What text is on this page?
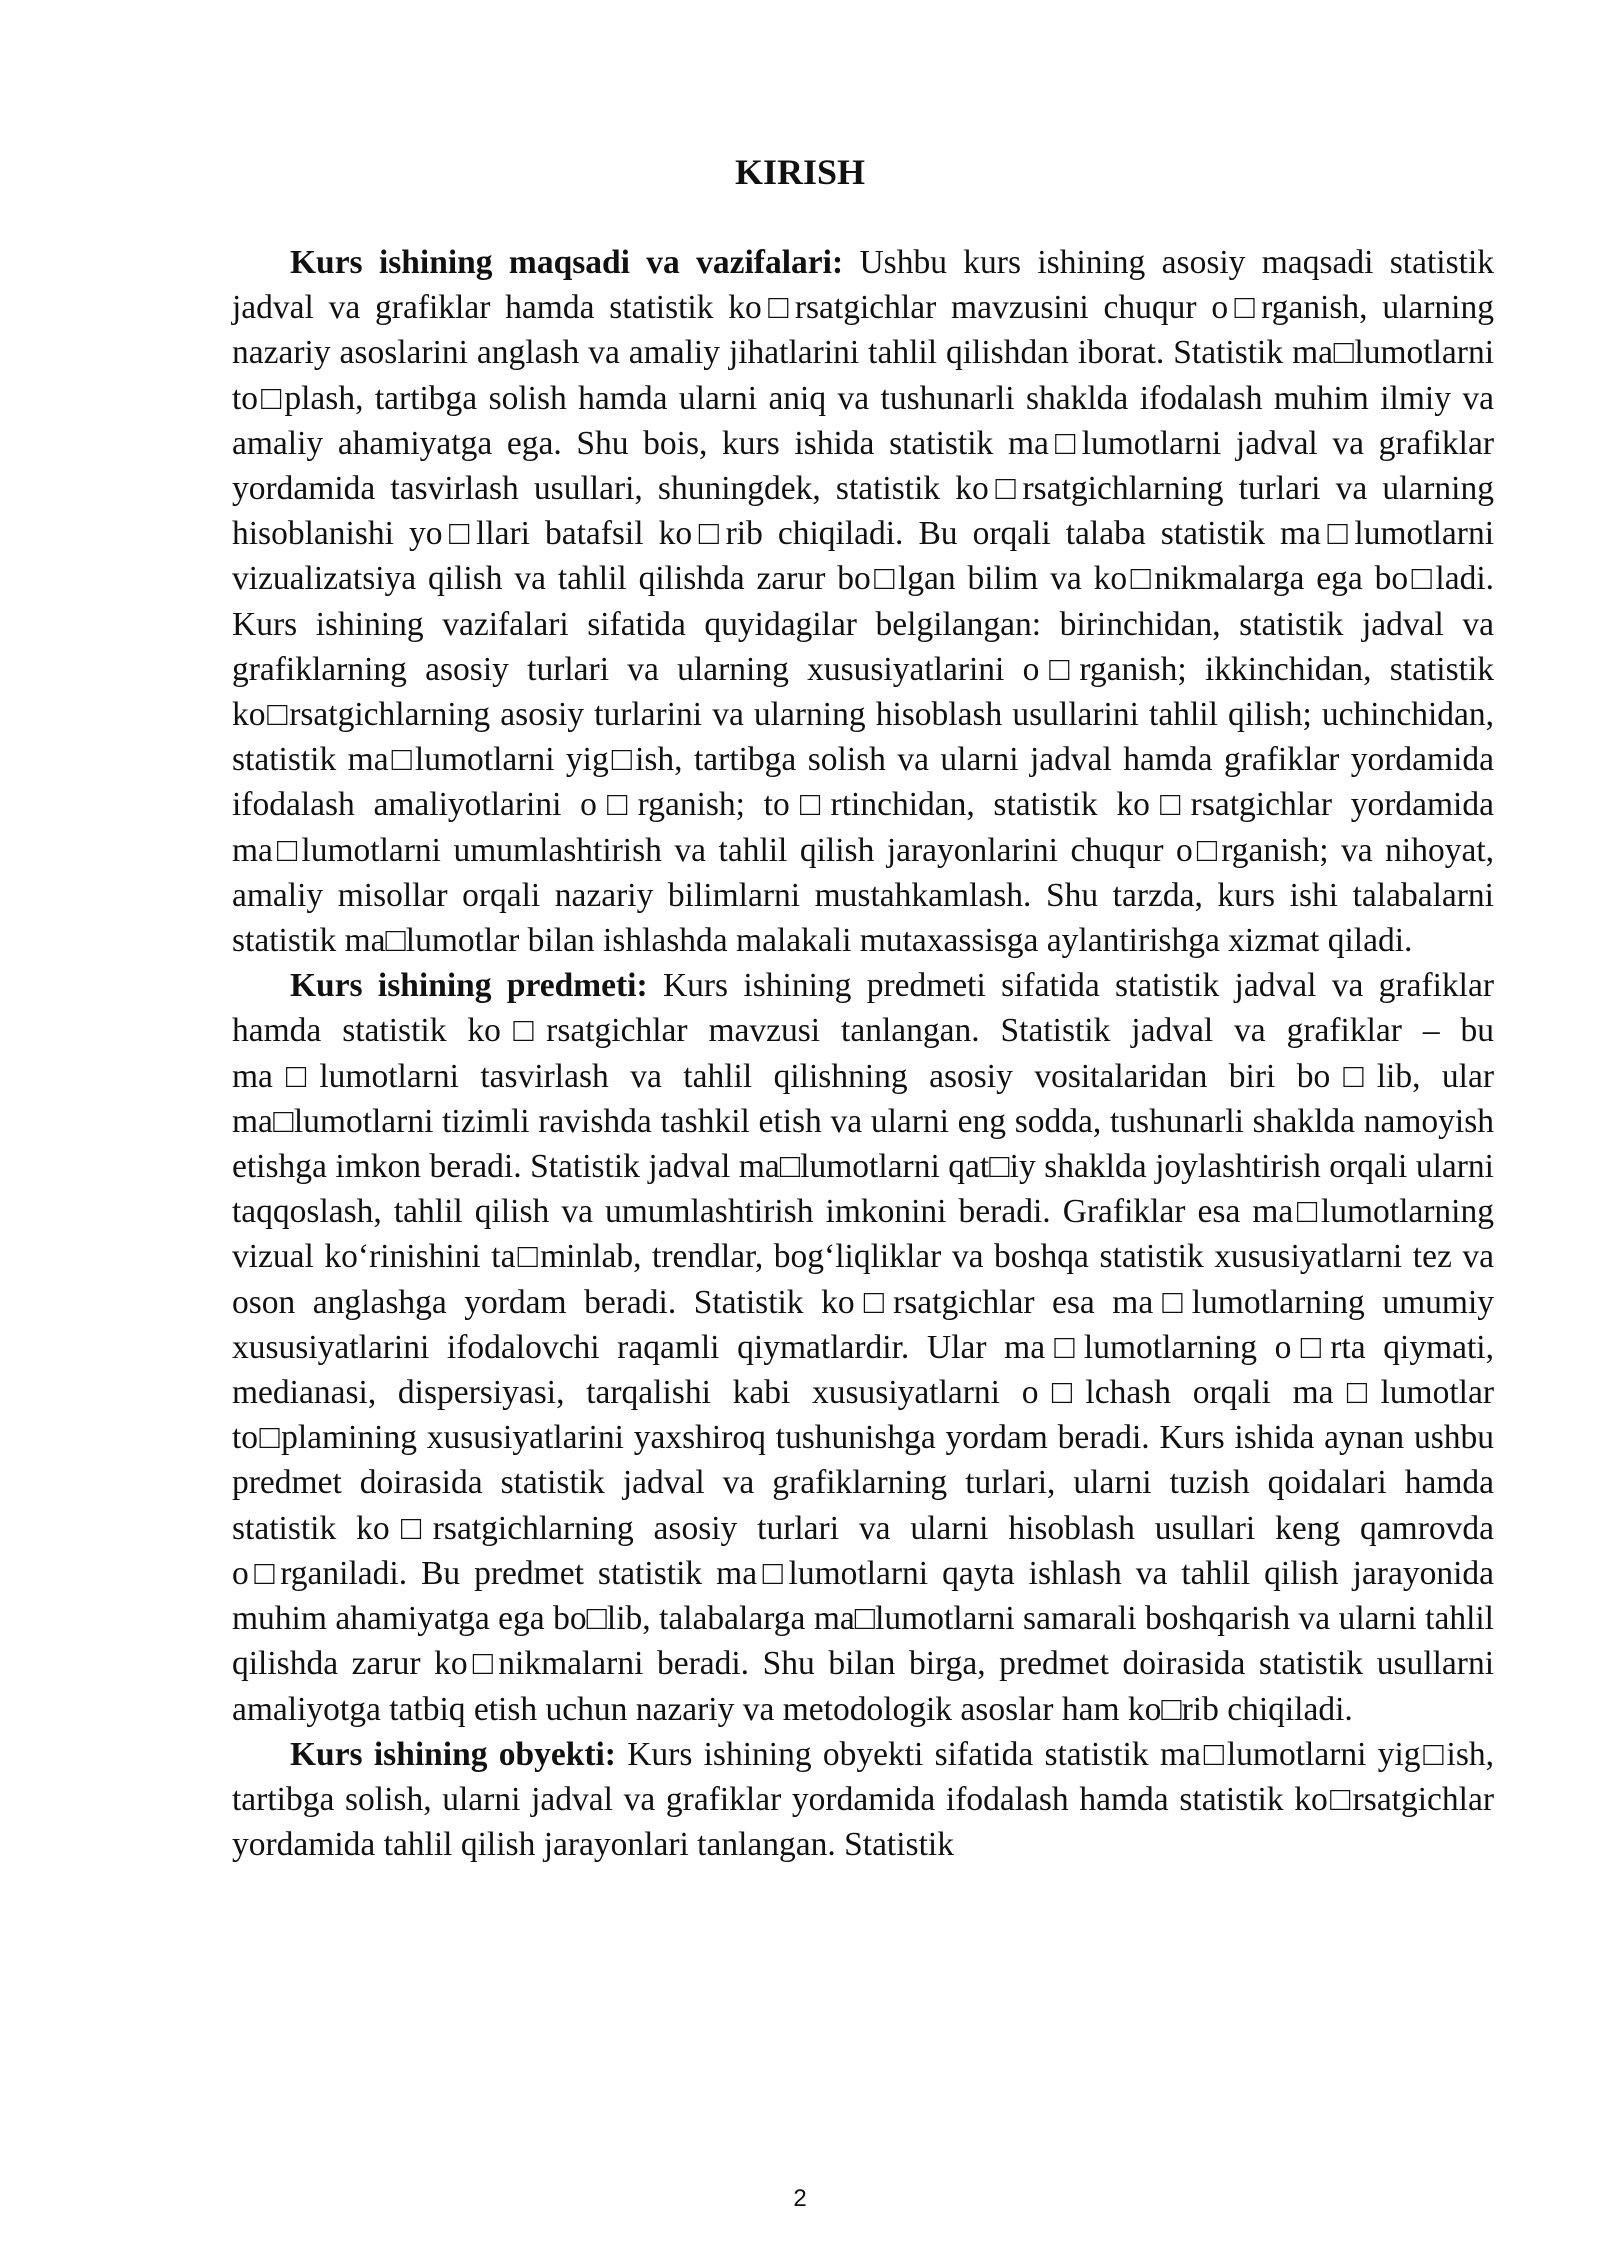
KIRISH

Kurs ishining maqsadi va vazifalari: Ushbu kurs ishining asosiy maqsadi statistik jadval va grafiklar hamda statistik ko□rsatgichlar mavzusini chuqur o□rganish, ularning nazariy asoslarini anglash va amaliy jihatlarini tahlil qilishdan iborat. Statistik ma□lumotlarni to□plash, tartibga solish hamda ularni aniq va tushunarli shaklda ifodalash muhim ilmiy va amaliy ahamiyatga ega. Shu bois, kurs ishida statistik ma□lumotlarni jadval va grafiklar yordamida tasvirlash usullari, shuningdek, statistik ko□rsatgichlarning turlari va ularning hisoblanishi yo□llari batafsil ko□rib chiqiladi. Bu orqali talaba statistik ma□lumotlarni vizualizatsiya qilish va tahlil qilishda zarur bo□lgan bilim va ko□nikmalarga ega bo□ladi. Kurs ishining vazifalari sifatida quyidagilar belgilangan: birinchidan, statistik jadval va grafiklarning asosiy turlari va ularning xususiyatlarini o□rganish; ikkinchidan, statistik ko□rsatgichlarning asosiy turlarini va ularning hisoblash usullarini tahlil qilish; uchinchidan, statistik ma□lumotlarni yig□ish, tartibga solish va ularni jadval hamda grafiklar yordamida ifodalash amaliyotlarini o□rganish; to□rtinchidan, statistik ko□rsatgichlar yordamida ma□lumotlarni umumlashtirish va tahlil qilish jarayonlarini chuqur o□rganish; va nihoyat, amaliy misollar orqali nazariy bilimlarni mustahkamlash. Shu tarzda, kurs ishi talabalarni statistik ma□lumotlar bilan ishlashda malakali mutaxassisga aylantirishga xizmat qiladi.

Kurs ishining predmeti: Kurs ishining predmeti sifatida statistik jadval va grafiklar hamda statistik ko□rsatgichlar mavzusi tanlangan. Statistik jadval va grafiklar – bu ma□lumotlarni tasvirlash va tahlil qilishning asosiy vositalaridan biri bo□lib, ular ma□lumotlarni tizimli ravishda tashkil etish va ularni eng sodda, tushunarli shaklda namoyish etishga imkon beradi. Statistik jadval ma□lumotlarni qat□iy shaklda joylashtirish orqali ularni taqqoslash, tahlil qilish va umumlashtirish imkonini beradi. Grafiklar esa ma□lumotlarning vizual ko‘rinishini ta□minlab, trendlar, bog‘liqliklar va boshqa statistik xususiyatlarni tez va oson anglashga yordam beradi. Statistik ko□rsatgichlar esa ma□lumotlarning umumiy xususiyatlarini ifodalovchi raqamli qiymatlardir. Ular ma□lumotlarning o□rta qiymati, medianasi, dispersiyasi, tarqalishi kabi xususiyatlarni o□lchash orqali ma□lumotlar to□plamining xususiyatlarini yaxshiroq tushunishga yordam beradi. Kurs ishida aynan ushbu predmet doirasida statistik jadval va grafiklarning turlari, ularni tuzish qoidalari hamda statistik ko□rsatgichlarning asosiy turlari va ularni hisoblash usullari keng qamrovda o□rganiladi. Bu predmet statistik ma□lumotlarni qayta ishlash va tahlil qilish jarayonida muhim ahamiyatga ega bo□lib, talabalarga ma□lumotlarni samarali boshqarish va ularni tahlil qilishda zarur ko□nikmalarni beradi. Shu bilan birga, predmet doirasida statistik usullarni amaliyotga tatbiq etish uchun nazariy va metodologik asoslar ham ko□rib chiqiladi.

Kurs ishining obyekti: Kurs ishining obyekti sifatida statistik ma□lumotlarni yig□ish, tartibga solish, ularni jadval va grafiklar yordamida ifodalash hamda statistik ko□rsatgichlar yordamida tahlil qilish jarayonlari tanlangan. Statistik

2
